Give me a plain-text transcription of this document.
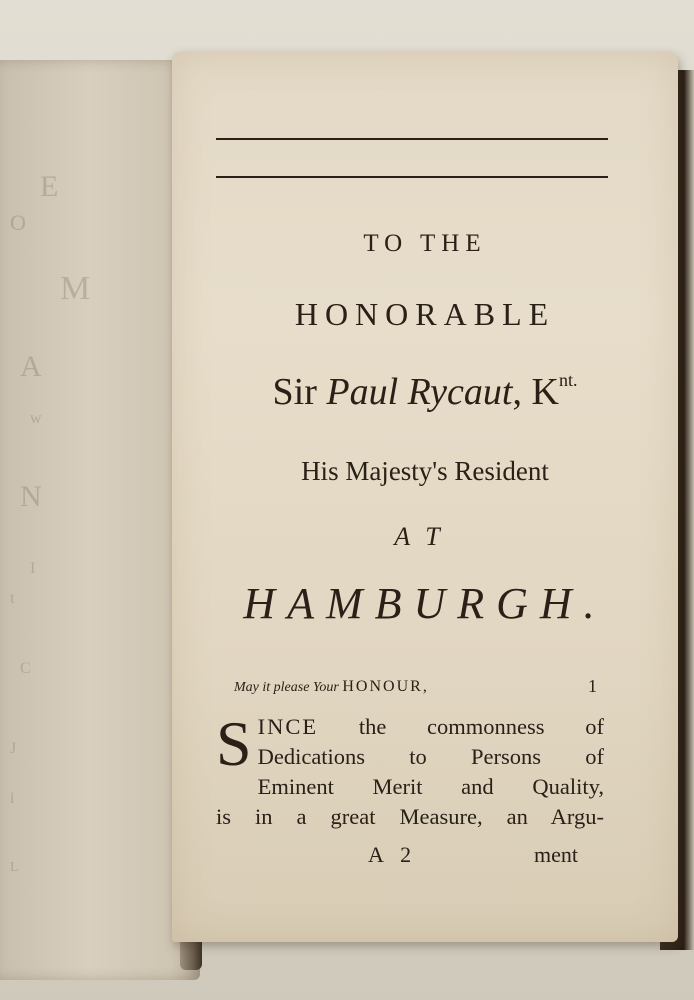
E
O
M
A
w
N
I
t
C
J
i
L
TO THE
HONORABLE
Sir Paul Rycaut, $K^{nt.}$
His Majesty's Resident
AT
HAMBURGH.
May it please Your HONOUR,	1
S INCE the commonness of
Dedications to Persons of
Eminent Merit and Quality,
is in a great Measure, an Argu-
A 2	ment
